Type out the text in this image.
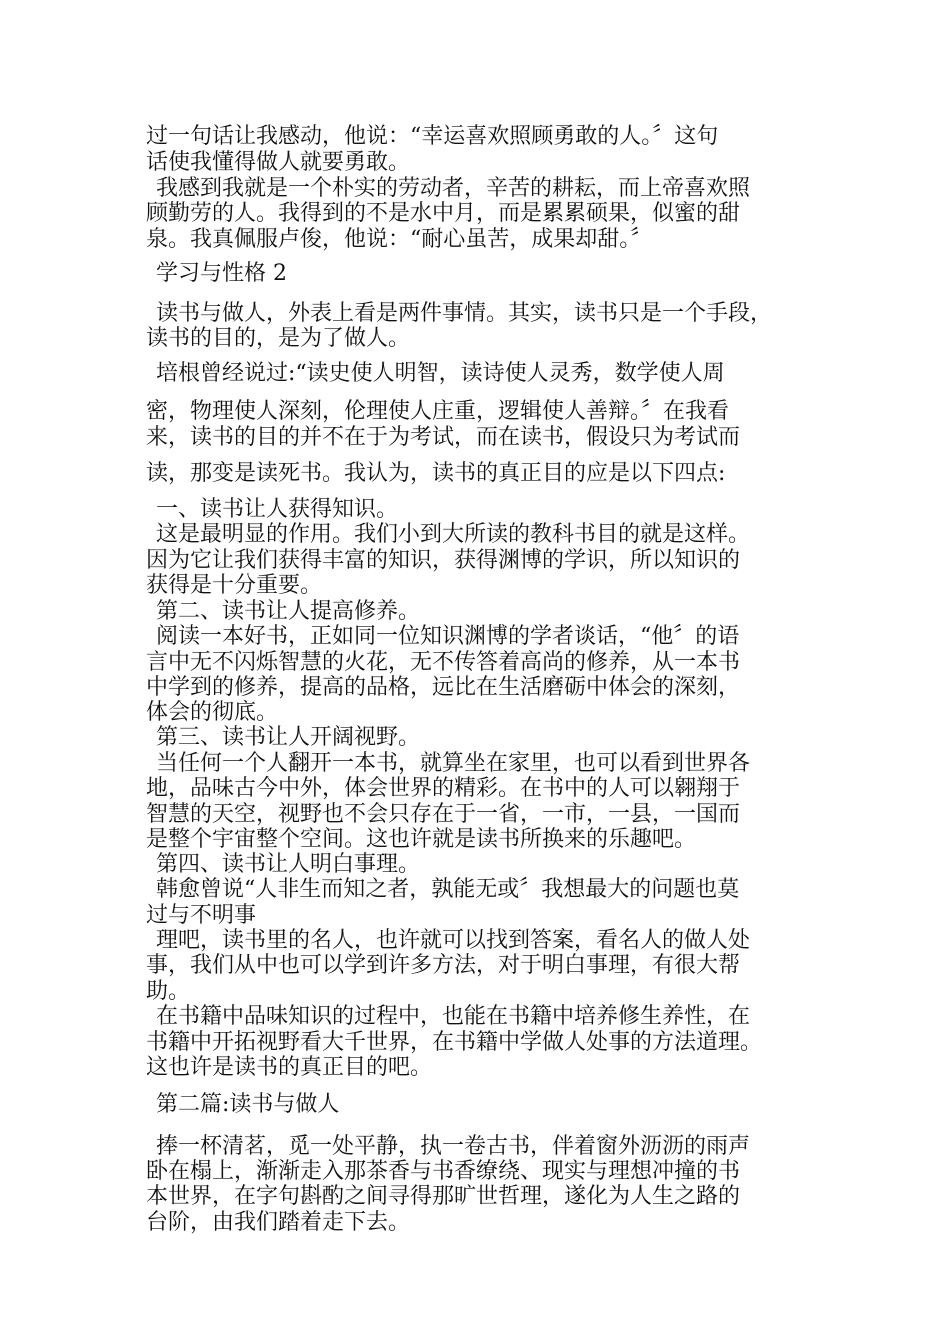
过一句话让我感动，他说：“幸运喜欢照顾勇敢的人。〞这句
话使我懂得做人就要勇敢。
我感到我就是一个朴实的劳动者，辛苦的耕耘，而上帝喜欢照
顾勤劳的人。我得到的不是水中月，而是累累硕果，似蜜的甜
泉。我真佩服卢俊，他说：“耐心虽苦，成果却甜。〞
学习与性格 2
读书与做人，外表上看是两件事情。其实，读书只是一个手段，
读书的目的，是为了做人。
培根曾经说过:“读史使人明智，读诗使人灵秀，数学使人周
密，物理使人深刻，伦理使人庄重，逻辑使人善辩。〞在我看
来，读书的目的并不在于为考试，而在读书，假设只为考试而
读，那变是读死书。我认为，读书的真正目的应是以下四点:
一、读书让人获得知识。
这是最明显的作用。我们小到大所读的教科书目的就是这样。
因为它让我们获得丰富的知识，获得渊博的学识，所以知识的
获得是十分重要。
第二、读书让人提高修养。
阅读一本好书，正如同一位知识渊博的学者谈话，“他〞的语
言中无不闪烁智慧的火花，无不传答着高尚的修养，从一本书
中学到的修养，提高的品格，远比在生活磨砺中体会的深刻，
体会的彻底。
第三、读书让人开阔视野。
当任何一个人翻开一本书，就算坐在家里，也可以看到世界各
地，品味古今中外，体会世界的精彩。在书中的人可以翱翔于
智慧的天空，视野也不会只存在于一省，一市，一县，一国而
是整个宇宙整个空间。这也许就是读书所换来的乐趣吧。
第四、读书让人明白事理。
韩愈曾说“人非生而知之者，孰能无或〞我想最大的问题也莫
过与不明事
理吧，读书里的名人，也许就可以找到答案，看名人的做人处
事，我们从中也可以学到许多方法，对于明白事理，有很大帮
助。
在书籍中品味知识的过程中，也能在书籍中培养修生养性，在
书籍中开拓视野看大千世界，在书籍中学做人处事的方法道理。
这也许是读书的真正目的吧。
第二篇:读书与做人
捧一杯清茗，觅一处平静，执一卷古书，伴着窗外沥沥的雨声
卧在榻上，渐渐走入那茶香与书香缭绕、现实与理想冲撞的书
本世界，在字句斟酌之间寻得那旷世哲理，遂化为人生之路的
台阶，由我们踏着走下去。
